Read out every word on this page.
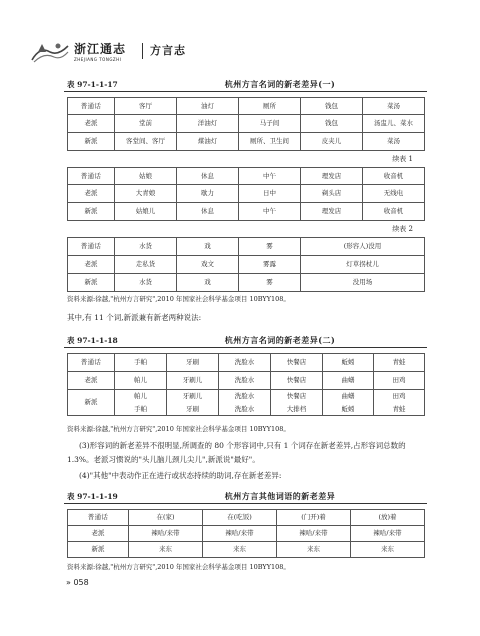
浙江通志
ZHEJIANG TONGZHI
方言志
表 97-1-1-17	杭州方言名词的新老差异(一)
普通话	客厅	油灯	厕所	钱包	菜汤
老派	堂前	洋油灯	马子间	钱包	汤盅儿、菜水
新派	客堂间、客厅	煤油灯	厕所、卫生间	皮夹儿	菜汤
续表 1
普通话	姑娘	休息	中午	理发店	收音机
老派	大青娘	歇力	日中	剃头店	无线电
新派	姑娘儿	休息	中午	理发店	收音机
续表 2
普通话	水货	戏	雾	(形容人)没用
老派	走私货	戏文	雾露	灯草拐杖儿
新派	水货	戏	雾	没用场
资料来源:徐越,"杭州方言研究",2010 年国家社会科学基金项目 10BYY108。
其中,有 11 个词,新派兼有新老两种说法:
表 97-1-1-18	杭州方言名词的新老差异(二)
普通话	手帕	牙刷	洗脸水	快餐店	蚯蚓	青蛙
老派	帕儿	牙刷儿	洗脸水	快餐店	曲蟮	田鸡
新派	帕儿	牙刷儿	洗脸水	快餐店	曲蟮	田鸡
	手帕	牙刷	洗脸水	大排档	蚯蚓	青蛙
资料来源:徐越,"杭州方言研究",2010 年国家社会科学基金项目 10BYY108。
(3)形容词的新老差异不很明显,所调查的 80 个形容词中,只有 1 个词存在新老差异,占形容词总数的 1.3%。老派习惯说的"头儿脑儿颈儿尖儿",新派说"最好"。
(4)"其他"中表动作正在进行或状态持续的助词,存在新老差异:
表 97-1-1-19	杭州方言其他词语的新老差异
普通话	在(家)	在(吃饭)	(门开)着	(放)着
老派	辣哈/来带	辣哈/来带	辣哈/来带	辣哈/来带
新派	来东	来东	来东	来东
资料来源:徐越,"杭州方言研究",2010 年国家社会科学基金项目 10BYY108。
» 058
